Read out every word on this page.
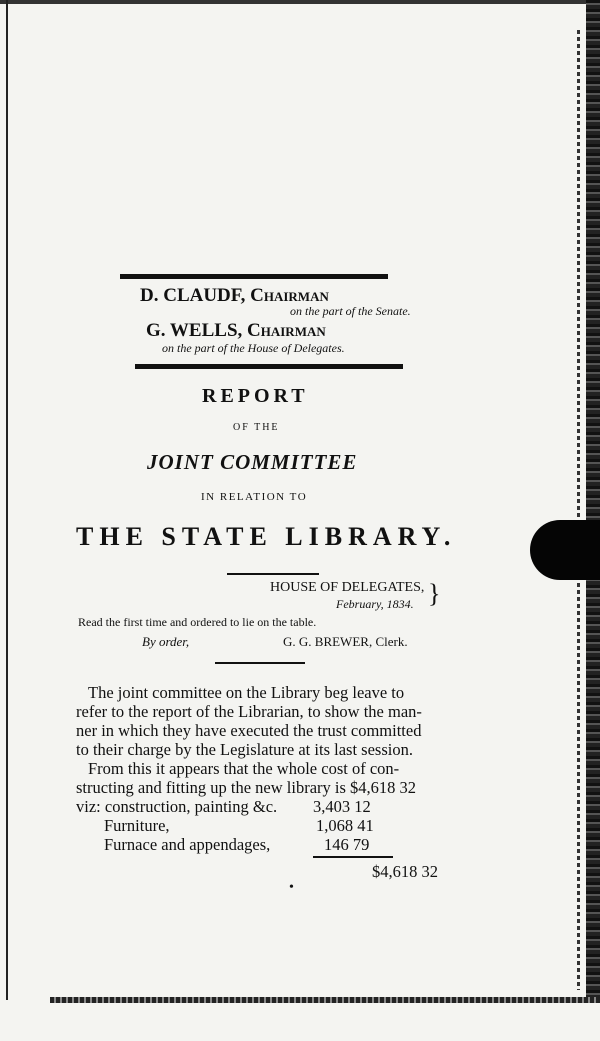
D. CLAUDF, Chairman
on the part of the Senate.
G. WELLS, Chairman
on the part of the House of Delegates.
REPORT
OF THE
JOINT COMMITTEE
IN RELATION TO
THE STATE LIBRARY.
HOUSE OF DELEGATES,
February, 1834. }
Read the first time and ordered to lie on the table.
By order,	G. G. BREWER, Clerk.
The joint committee on the Library beg leave to
refer to the report of the Librarian, to show the man-
ner in which they have executed the trust committed
to their charge by the Legislature at its last session.
From this it appears that the whole cost of con-
structing and fitting up the new library is $4,618 32
viz: construction, painting &c. 3,403 12
Furniture,	1,068 41
Furnace and appendages,	146 79
$4,618 32
•
